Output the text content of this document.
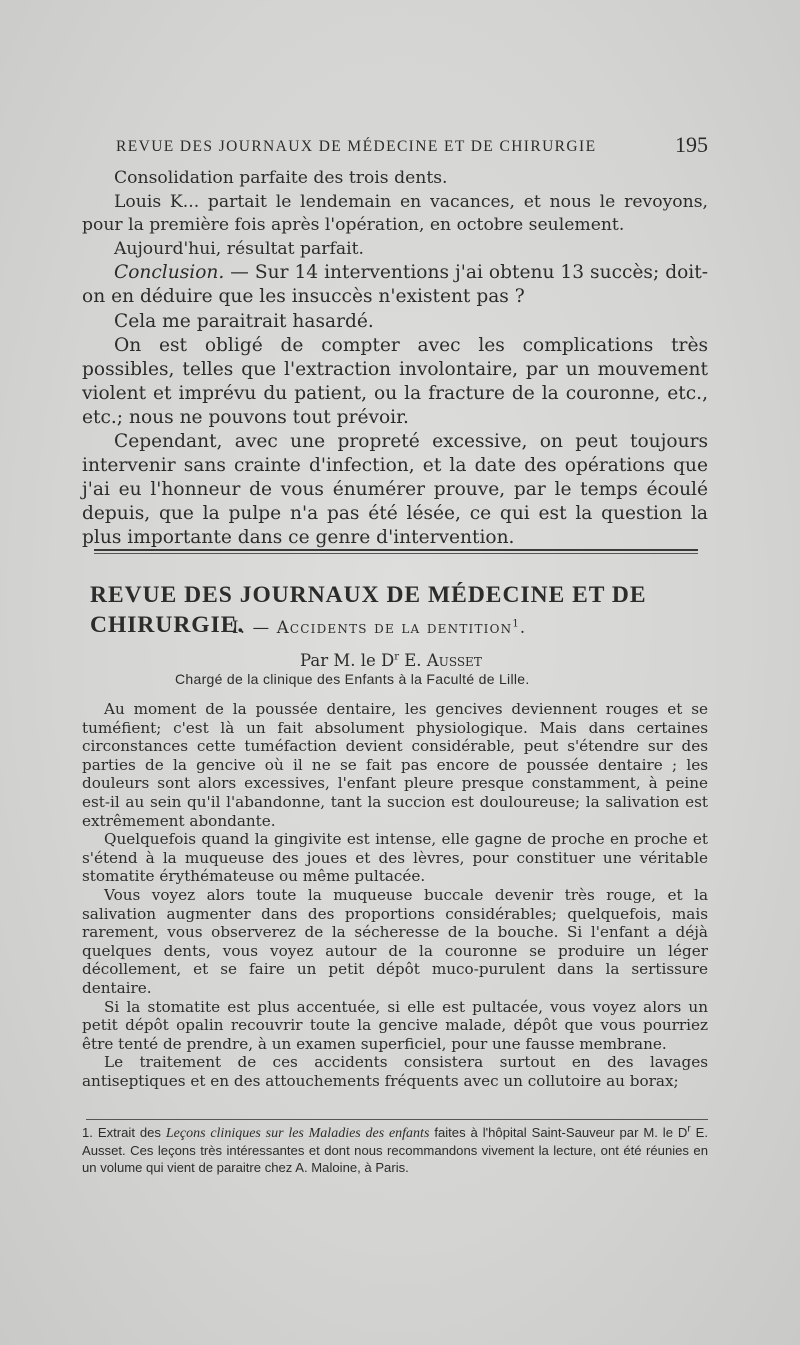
REVUE DES JOURNAUX DE MÉDECINE ET DE CHIRURGIE	195

Consolidation parfaite des trois dents.

Louis K... partait le lendemain en vacances, et nous le revoyons, pour la première fois après l'opération, en octobre seulement.

Aujourd'hui, résultat parfait.

Conclusion. — Sur 14 interventions j'ai obtenu 13 succès; doit-on en déduire que les insuccès n'existent pas ?

Cela me paraitrait hasardé.

On est obligé de compter avec les complications très possibles, telles que l'extraction involontaire, par un mouvement violent et imprévu du patient, ou la fracture de la couronne, etc., etc.; nous ne pouvons tout prévoir.

Cependant, avec une propreté excessive, on peut toujours intervenir sans crainte d'infection, et la date des opérations que j'ai eu l'honneur de vous énumérer prouve, par le temps écoulé depuis, que la pulpe n'a pas été lésée, ce qui est la question la plus importante dans ce genre d'intervention.

REVUE DES JOURNAUX DE MÉDECINE ET DE CHIRURGIE.
I. — Accidents de la dentition$^1$.
Par M. le D$^r$ E. Ausset
Chargé de la clinique des Enfants à la Faculté de Lille.

Au moment de la poussée dentaire, les gencives deviennent rouges et se tuméfient; c'est là un fait absolument physiologique. Mais dans certaines circonstances cette tuméfaction devient considérable, peut s'étendre sur des parties de la gencive où il ne se fait pas encore de poussée dentaire ; les douleurs sont alors excessives, l'enfant pleure presque constamment, à peine est-il au sein qu'il l'abandonne, tant la succion est douloureuse; la salivation est extrêmement abondante.

Quelquefois quand la gingivite est intense, elle gagne de proche en proche et s'étend à la muqueuse des joues et des lèvres, pour constituer une véritable stomatite érythémateuse ou même pultacée.

Vous voyez alors toute la muqueuse buccale devenir très rouge, et la salivation augmenter dans des proportions considérables; quelquefois, mais rarement, vous observerez de la sécheresse de la bouche. Si l'enfant a déjà quelques dents, vous voyez autour de la couronne se produire un léger décollement, et se faire un petit dépôt muco-purulent dans la sertissure dentaire.

Si la stomatite est plus accentuée, si elle est pultacée, vous voyez alors un petit dépôt opalin recouvrir toute la gencive malade, dépôt que vous pourriez être tenté de prendre, à un examen superficiel, pour une fausse membrane.

Le traitement de ces accidents consistera surtout en des lavages antiseptiques et en des attouchements fréquents avec un collutoire au borax;

1. Extrait des Leçons cliniques sur les Maladies des enfants faites à l'hôpital Saint-Sauveur par M. le D$^r$ E. Ausset. Ces leçons très intéressantes et dont nous recommandons vivement la lecture, ont été réunies en un volume qui vient de paraitre chez A. Maloine, à Paris.
